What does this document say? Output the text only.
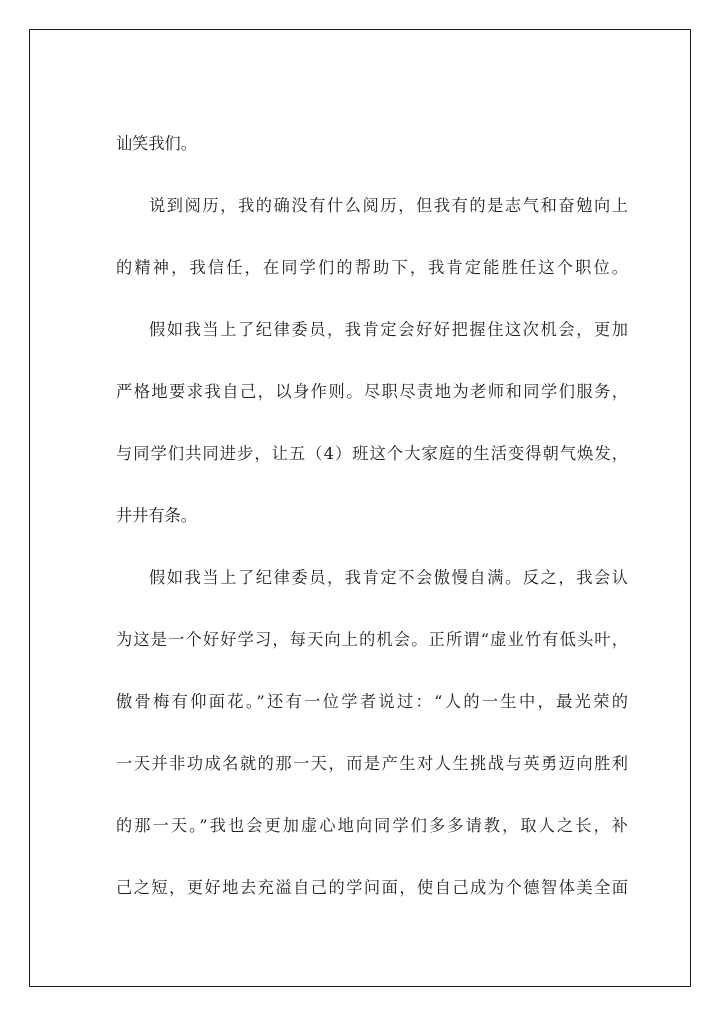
讪笑我们。
说到阅历，我的确没有什么阅历，但我有的是志气和奋勉向上
的精神，我信任，在同学们的帮助下，我肯定能胜任这个职位。
假如我当上了纪律委员，我肯定会好好把握住这次机会，更加
严格地要求我自己，以身作则。尽职尽责地为老师和同学们服务，
与同学们共同进步，让五（4）班这个大家庭的生活变得朝气焕发，
井井有条。
假如我当上了纪律委员，我肯定不会傲慢自满。反之，我会认
为这是一个好好学习，每天向上的机会。正所谓“虚业竹有低头叶，
傲骨梅有仰面花。”还有一位学者说过：“人的一生中，最光荣的
一天并非功成名就的那一天，而是产生对人生挑战与英勇迈向胜利
的那一天。”我也会更加虚心地向同学们多多请教，取人之长，补
己之短，更好地去充溢自己的学问面，使自己成为个德智体美全面
